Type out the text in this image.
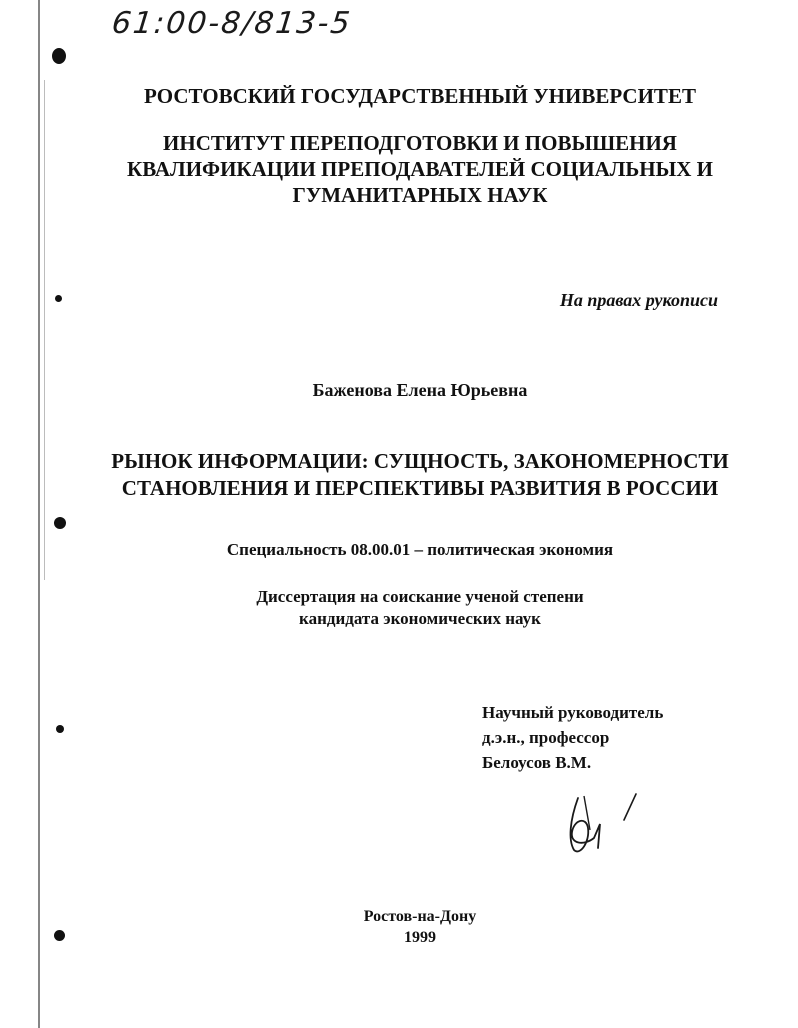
61:00-8/813-5
РОСТОВСКИЙ ГОСУДАРСТВЕННЫЙ УНИВЕРСИТЕТ
ИНСТИТУТ ПЕРЕПОДГОТОВКИ И ПОВЫШЕНИЯ
КВАЛИФИКАЦИИ ПРЕПОДАВАТЕЛЕЙ СОЦИАЛЬНЫХ И
ГУМАНИТАРНЫХ НАУК
На правах рукописи
Баженова Елена Юрьевна
РЫНОК ИНФОРМАЦИИ: СУЩНОСТЬ, ЗАКОНОМЕРНОСТИ
СТАНОВЛЕНИЯ И ПЕРСПЕКТИВЫ РАЗВИТИЯ В РОССИИ
Специальность 08.00.01 – политическая экономия
Диссертация на соискание ученой степени
кандидата экономических наук
Научный руководитель
д.э.н., профессор
Белоусов В.М.
Ростов-на-Дону
1999
